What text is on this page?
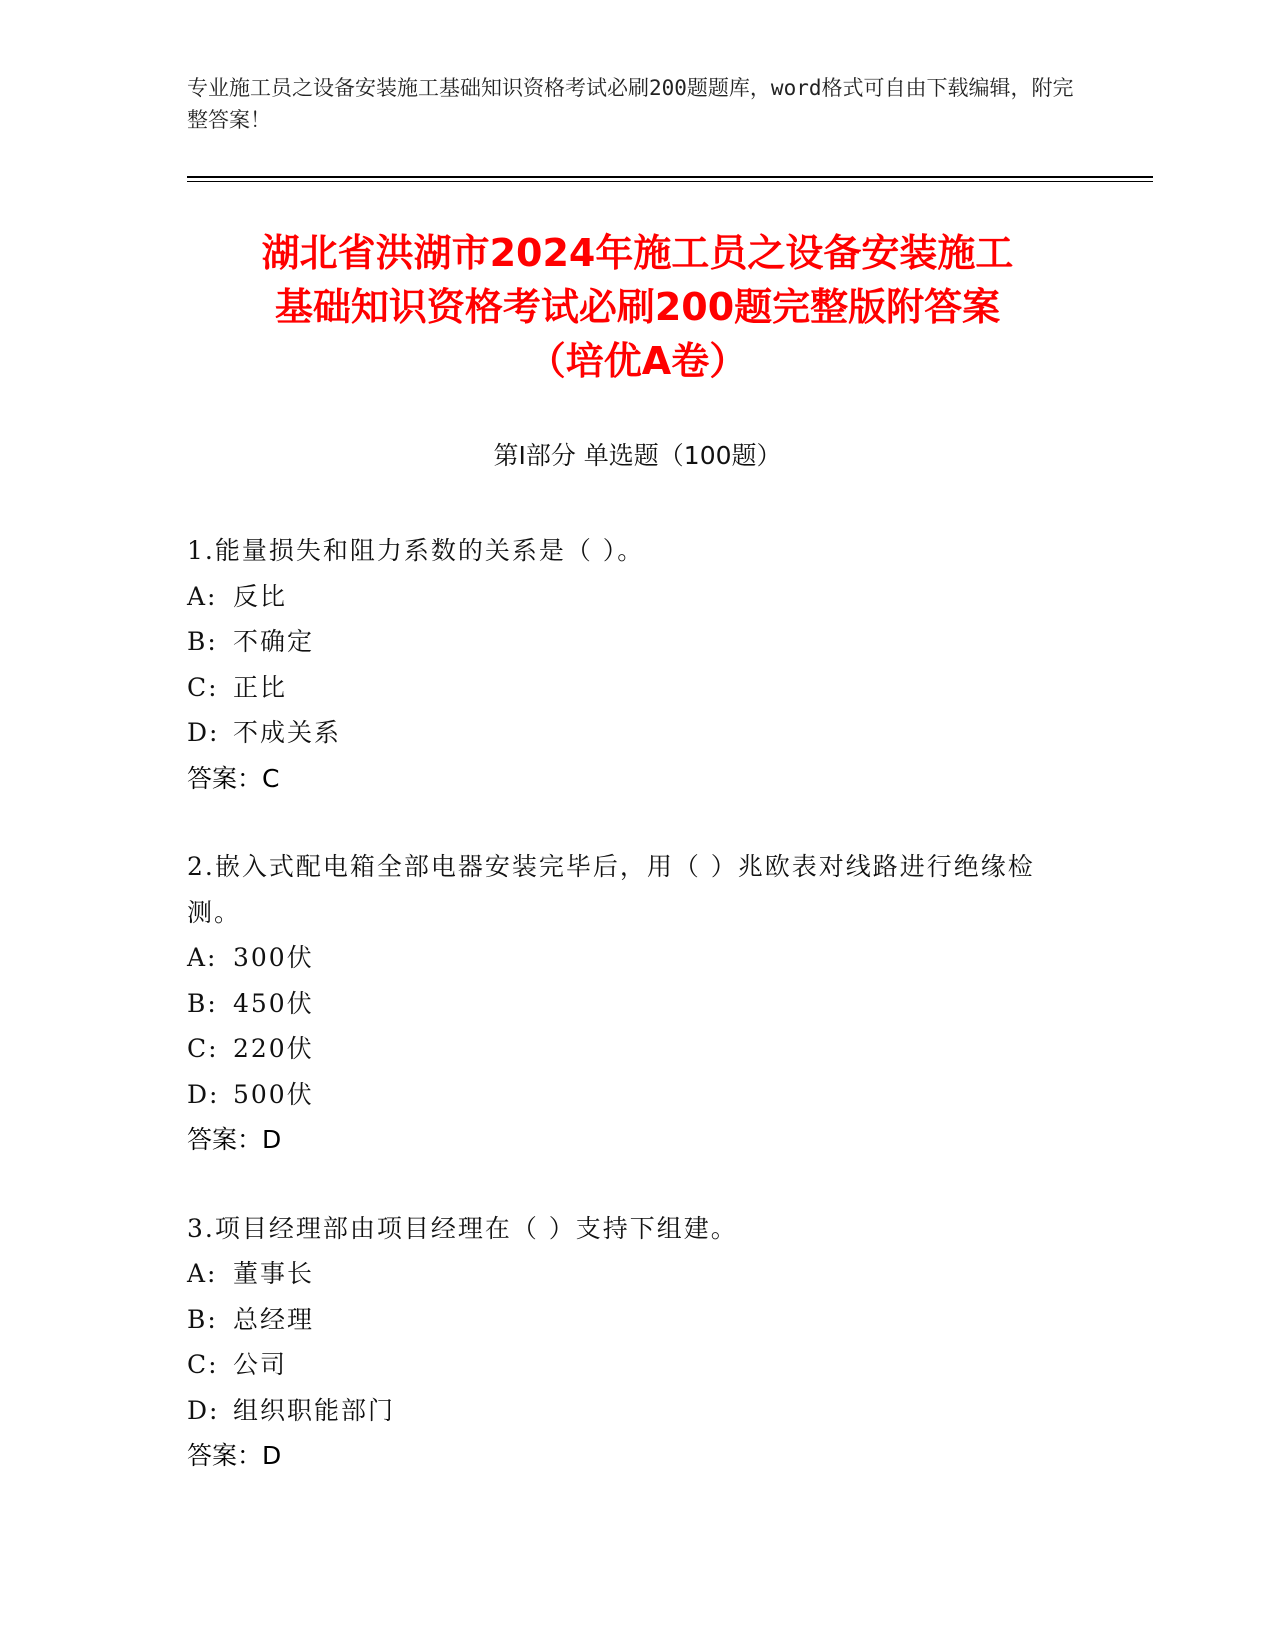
专业施工员之设备安装施工基础知识资格考试必刷200题题库，word格式可自由下载编辑，附完整答案！
湖北省洪湖市2024年施工员之设备安装施工
基础知识资格考试必刷200题完整版附答案
（培优A卷）
第Ⅰ部分 单选题（100题）
1.能量损失和阻力系数的关系是（ ）。
A: 反比
B: 不确定
C: 正比
D: 不成关系
答案：C
2.嵌入式配电箱全部电器安装完毕后，用（ ）兆欧表对线路进行绝缘检测。
A: 300伏
B: 450伏
C: 220伏
D: 500伏
答案：D
3.项目经理部由项目经理在（ ）支持下组建。
A: 董事长
B: 总经理
C: 公司
D: 组织职能部门
答案：D
